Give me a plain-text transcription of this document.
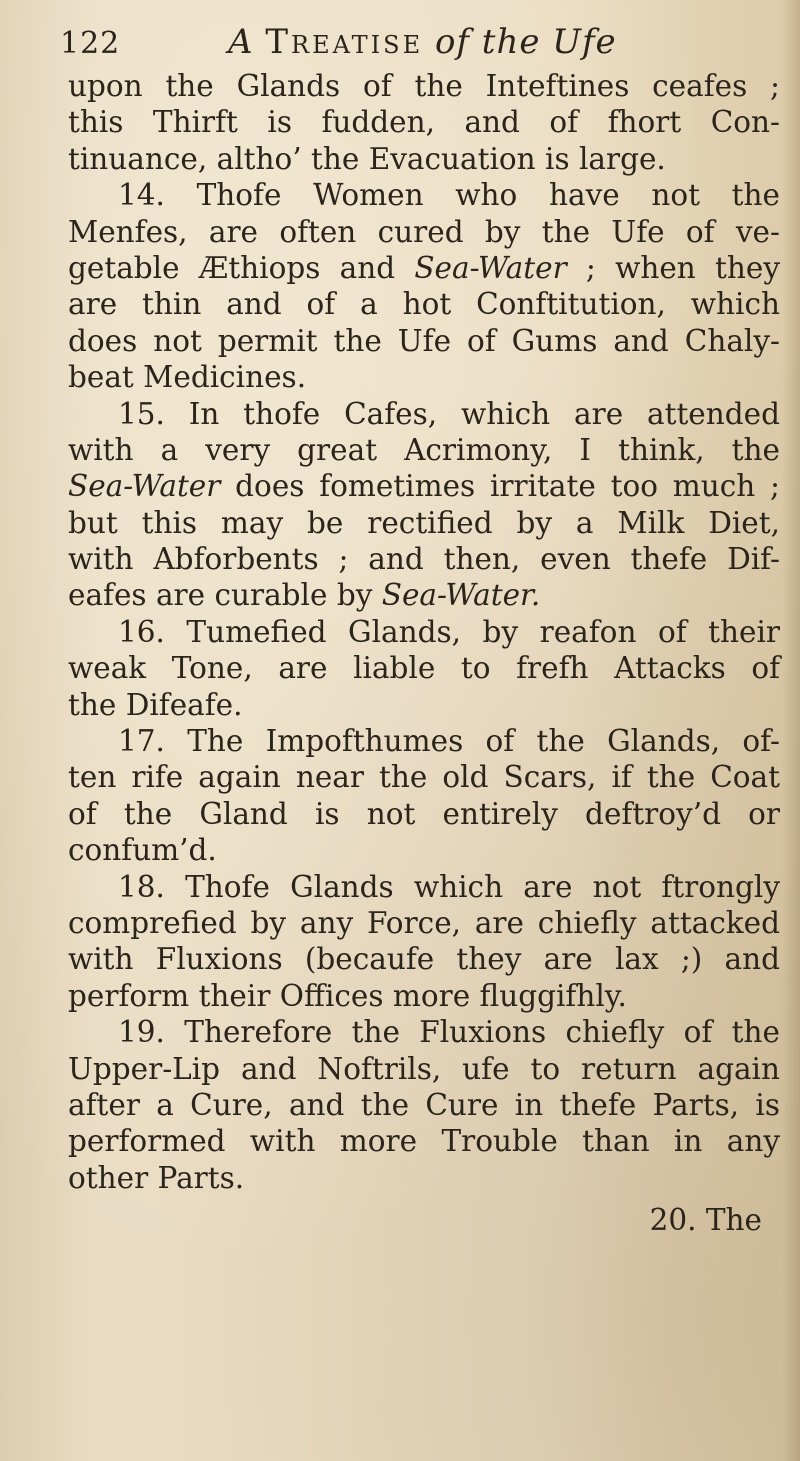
122	A Treatise of the Ufe
upon the Glands of the Inteftines ceafes ;
this Thirft is fudden, and of fhort Con-
tinuance, altho’ the Evacuation is large.
14. Thofe Women who have not the
Menfes, are often cured by the Ufe of ve-
getable Æthiops and Sea-Water ; when they
are thin and of a hot Conftitution, which
does not permit the Ufe of Gums and Chaly-
beat Medicines.
15. In thofe Cafes, which are attended
with a very great Acrimony, I think, the
Sea-Water does fometimes irritate too much ;
but this may be rectified by a Milk Diet,
with Abforbents ; and then, even thefe Dif-
eafes are curable by Sea-Water.
16. Tumefied Glands, by reafon of their
weak Tone, are liable to frefh Attacks of
the Difeafe.
17. The Impofthumes of the Glands, of-
ten rife again near the old Scars, if the Coat
of the Gland is not entirely deftroy’d or
confum’d.
18. Thofe Glands which are not ftrongly
comprefied by any Force, are chiefly attacked
with Fluxions (becaufe they are lax ;) and
perform their Offices more fluggifhly.
19. Therefore the Fluxions chiefly of the
Upper-Lip and Noftrils, ufe to return again
after a Cure, and the Cure in thefe Parts, is
performed with more Trouble than in any
other Parts.
20. The
